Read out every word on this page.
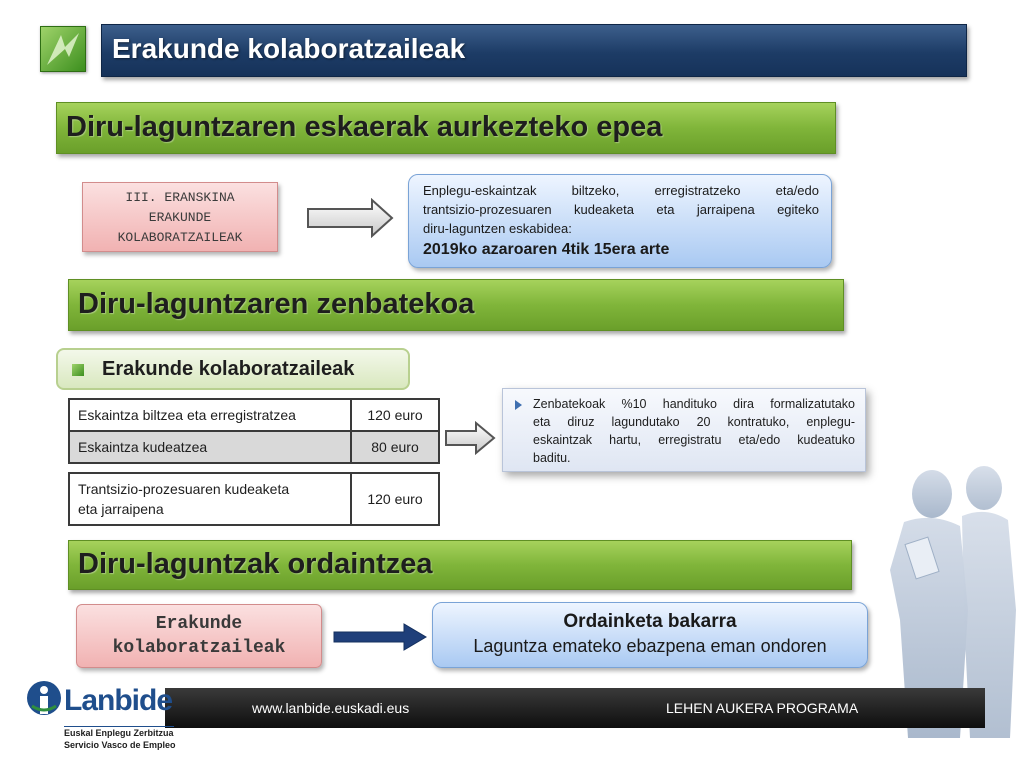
Erakunde kolaboratzaileak
Diru-laguntzaren eskaerak aurkezteko epea
III. ERANSKINA
ERAKUNDE
KOLABORATZAILEAK
Enplegu-eskaintzak biltzeko, erregistratzeko eta/edo
trantsizio-prozesuaren kudeaketa eta jarraipena egiteko
diru-laguntzen eskabidea:
2019ko azaroaren 4tik 15era arte
Diru-laguntzaren zenbatekoa
Erakunde kolaboratzaileak
Eskaintza biltzea eta erregistratzea	120 euro
Eskaintza kudeatzea	80 euro
Trantsizio-prozesuaren kudeaketa
eta jarraipena
	120 euro
Zenbatekoak %10 handituko dira formalizatutako
eta diruz lagundutako 20 kontratuko, enplegu-
eskaintzak hartu, erregistratu eta/edo kudeatuko
baditu.
Diru-laguntzak ordaintzea
Erakunde
kolaboratzaileak
Ordainketa bakarra
Laguntza emateko ebazpena eman ondoren
www.lanbide.euskadi.eus	LEHEN AUKERA PROGRAMA
Lanbide
Euskal Enplegu Zerbitzua
Servicio Vasco de Empleo
